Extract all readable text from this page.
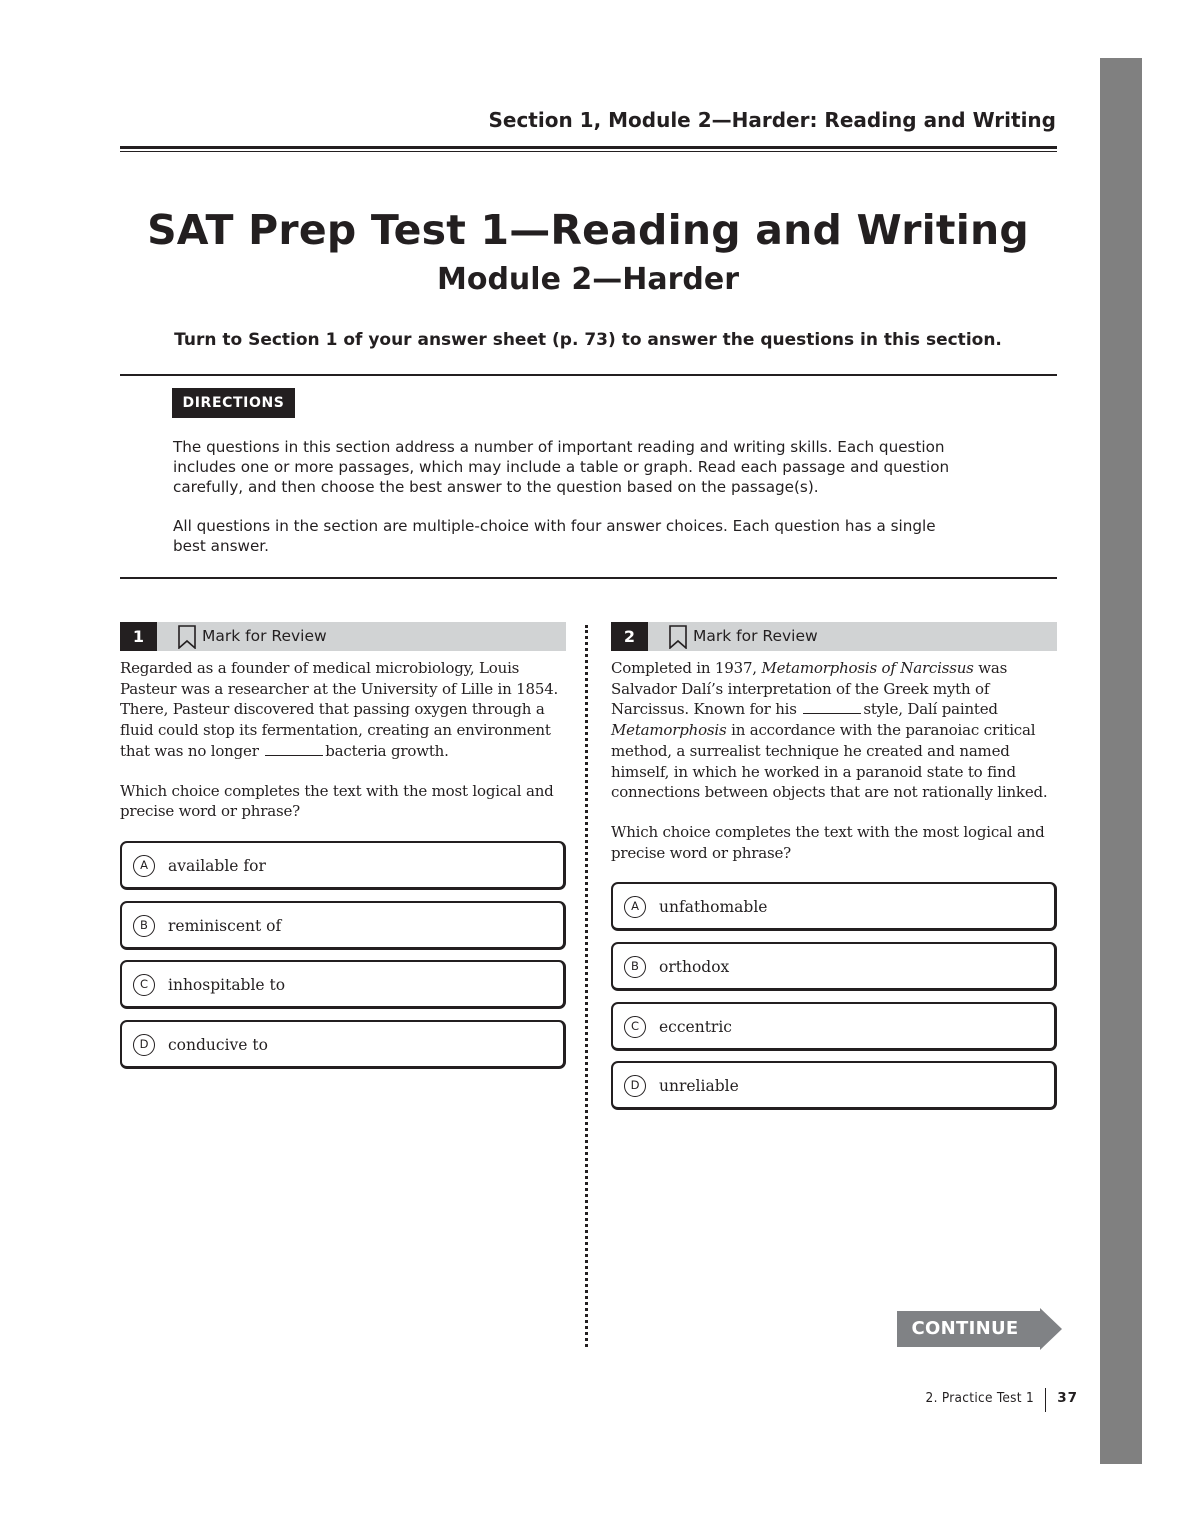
Section 1, Module 2—Harder: Reading and Writing
SAT Prep Test 1—Reading and Writing
Module 2—Harder
Turn to Section 1 of your answer sheet (p. 73) to answer the questions in this section.
DIRECTIONS

The questions in this section address a number of important reading and writing skills. Each question includes one or more passages, which may include a table or graph. Read each passage and question carefully, and then choose the best answer to the question based on the passage(s).

All questions in the section are multiple-choice with four answer choices. Each question has a single best answer.

1	Mark for Review
Regarded as a founder of medical microbiology, Louis Pasteur was a researcher at the University of Lille in 1854. There, Pasteur discovered that passing oxygen through a fluid could stop its fermentation, creating an environment that was no longer	bacteria growth.
Which choice completes the text with the most logical and precise word or phrase?
A	available for
B	reminiscent of
C	inhospitable to
D	conducive to
2	Mark for Review
Completed in 1937, Metamorphosis of Narcissus was Salvador Dalí’s interpretation of the Greek myth of Narcissus. Known for his	style, Dalí painted Metamorphosis in accordance with the paranoiac critical method, a surrealist technique he created and named himself, in which he worked in a paranoid state to find connections between objects that are not rationally linked.
Which choice completes the text with the most logical and precise word or phrase?
A	unfathomable
B	orthodox
C	eccentric
D	unreliable
CONTINUE
2. Practice Test 1 37
